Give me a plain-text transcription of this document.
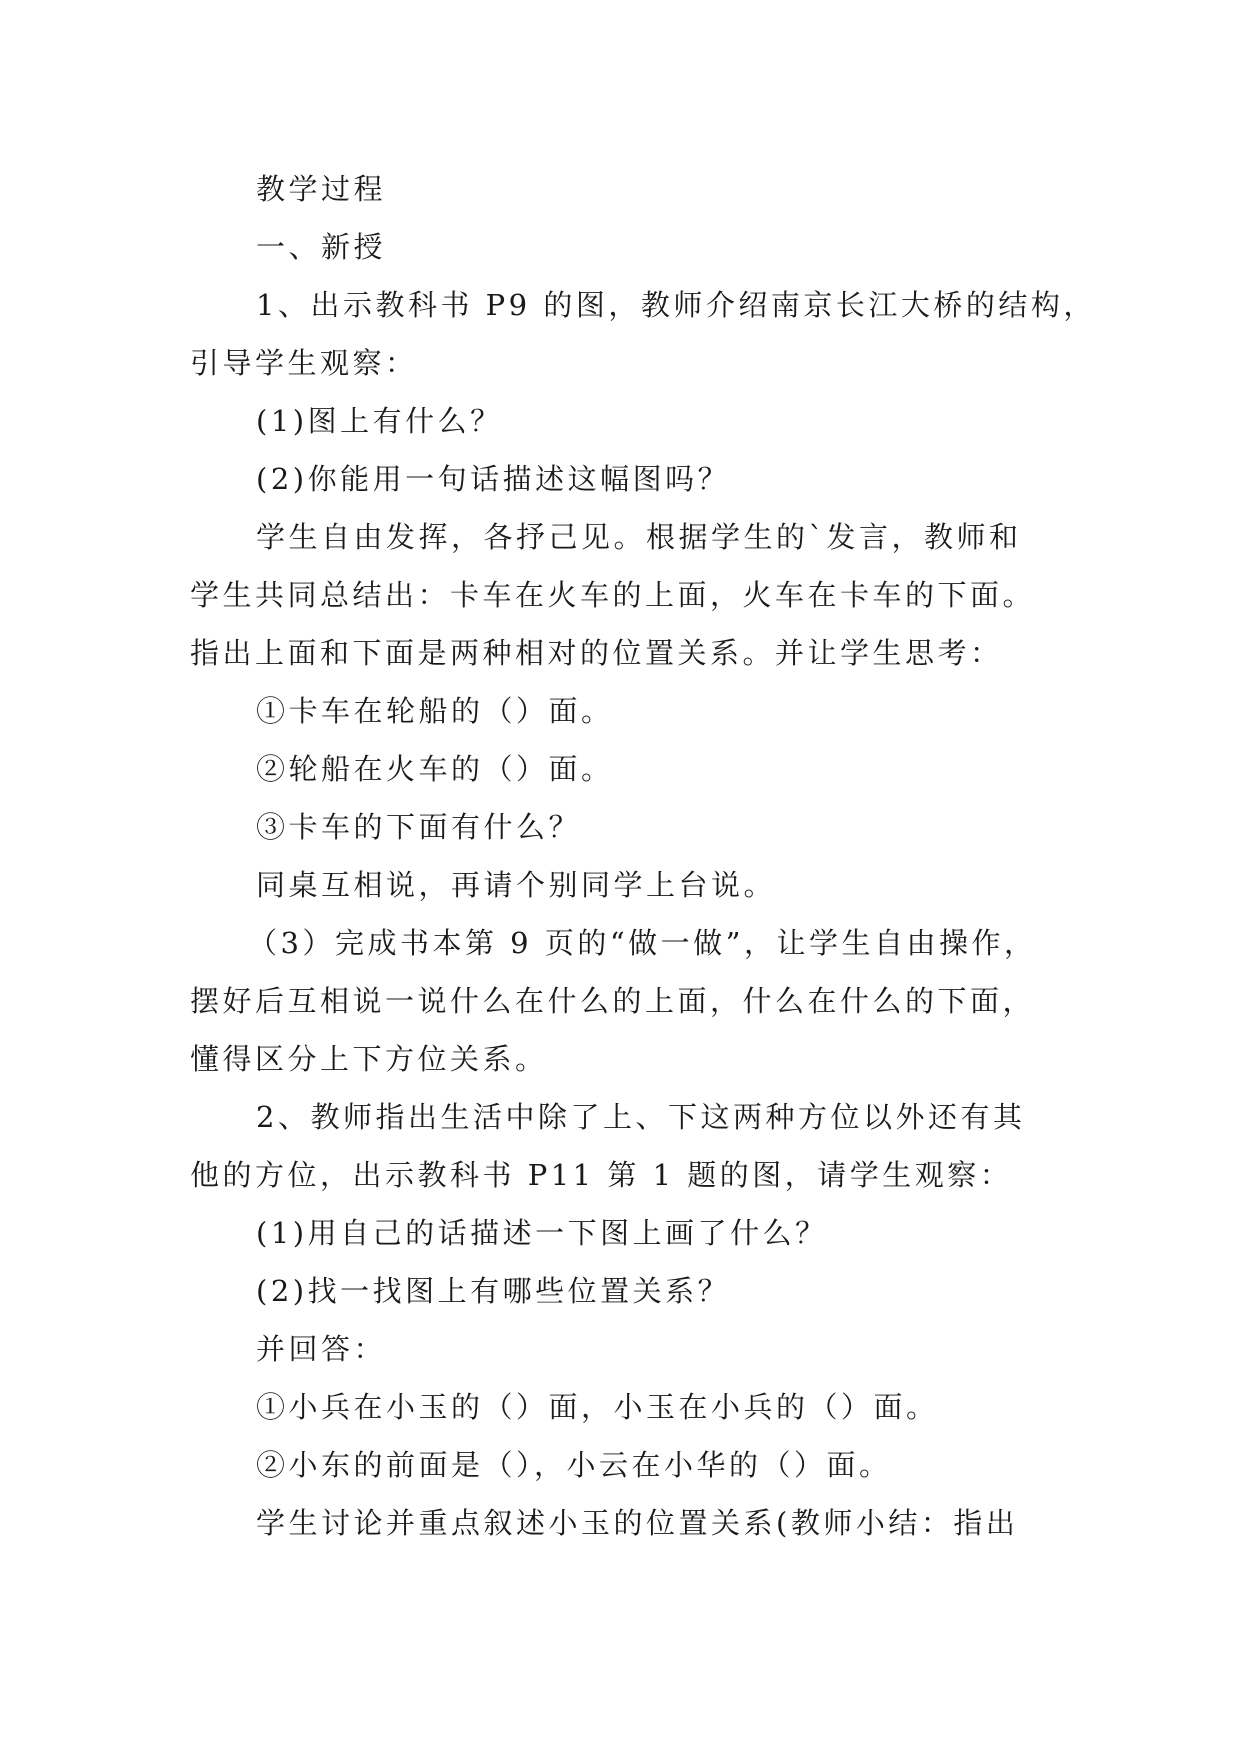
教学过程
一、新授
1、出示教科书 P9 的图，教师介绍南京长江大桥的结构，
引导学生观察：
(1)图上有什么？
(2)你能用一句话描述这幅图吗？
学生自由发挥，各抒己见。根据学生的`发言，教师和
学生共同总结出：卡车在火车的上面，火车在卡车的下面。
指出上面和下面是两种相对的位置关系。并让学生思考：
①卡车在轮船的（）面。
②轮船在火车的（）面。
③卡车的下面有什么？
同桌互相说，再请个别同学上台说。
（3）完成书本第 9 页的“做一做”，让学生自由操作，
摆好后互相说一说什么在什么的上面，什么在什么的下面，
懂得区分上下方位关系。
2、教师指出生活中除了上、下这两种方位以外还有其
他的方位，出示教科书 P11 第 1 题的图，请学生观察：
(1)用自己的话描述一下图上画了什么？
(2)找一找图上有哪些位置关系？
并回答：
①小兵在小玉的（）面，小玉在小兵的（）面。
②小东的前面是（），小云在小华的（）面。
学生讨论并重点叙述小玉的位置关系(教师小结：指出
